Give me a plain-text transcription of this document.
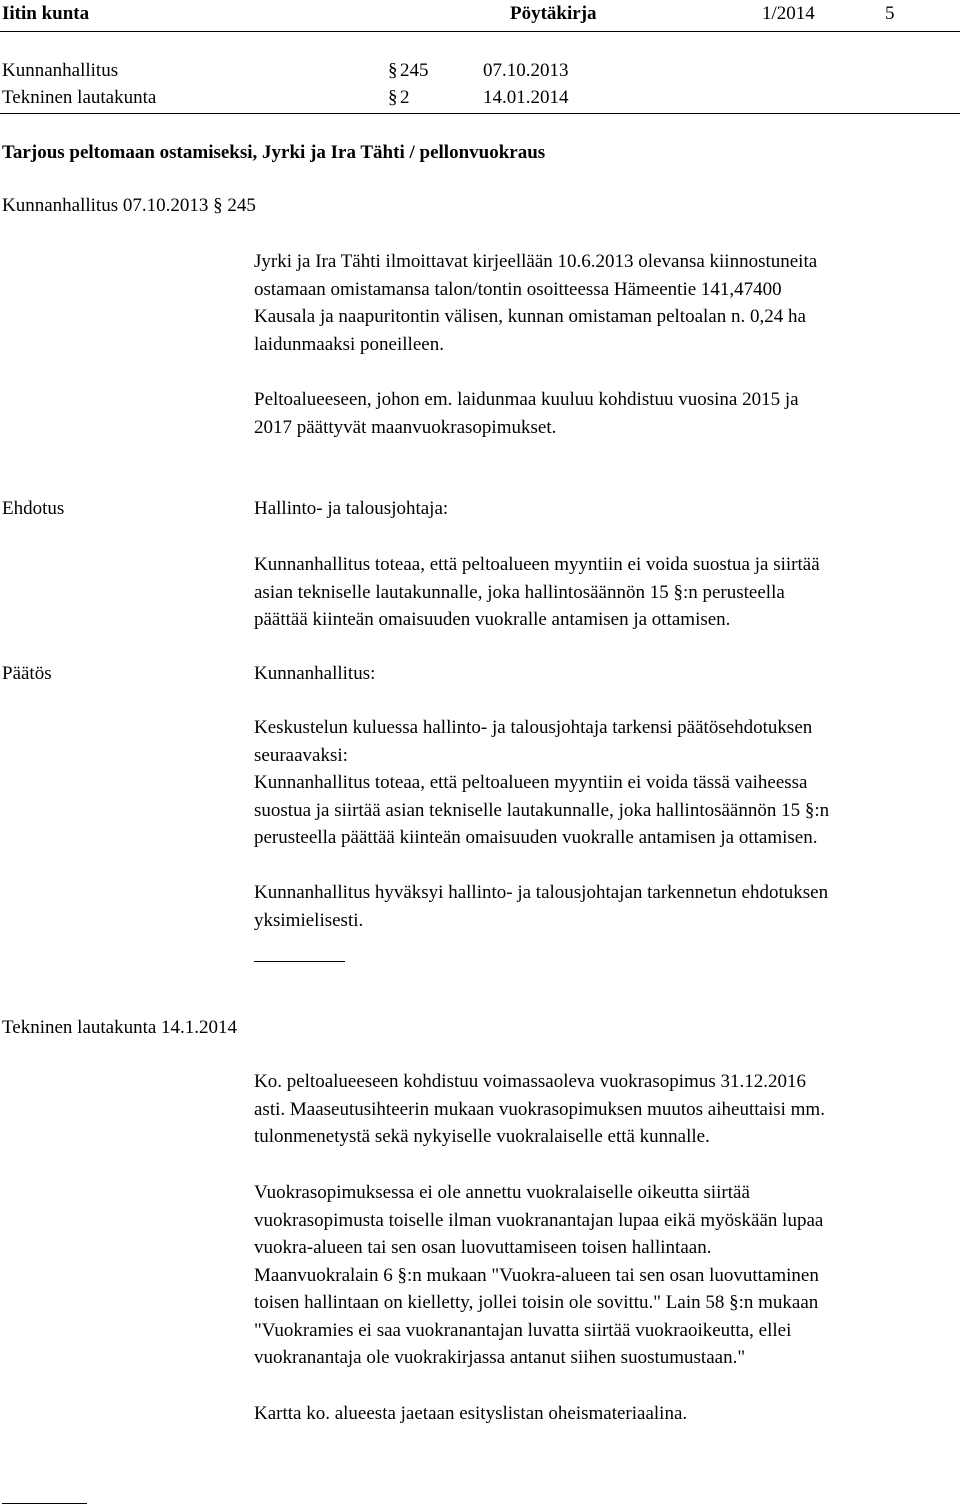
Iitin kunta	Pöytäkirja	1/2014	5
Kunnanhallitus	§ 245	07.10.2013
Tekninen lautakunta	§ 2	14.01.2014
Tarjous peltomaan ostamiseksi, Jyrki ja Ira Tähti / pellonvuokraus
Kunnanhallitus 07.10.2013 § 245
Jyrki ja Ira Tähti ilmoittavat kirjeellään 10.6.2013 olevansa kiinnostuneita
ostamaan omistamansa talon/tontin osoitteessa Hämeentie 141,47400
Kausala ja naapuritontin välisen, kunnan omistaman peltoalan n. 0,24 ha
laidunmaaksi poneilleen.
Peltoalueeseen, johon em. laidunmaa kuuluu kohdistuu vuosina 2015 ja
2017 päättyvät maanvuokrasopimukset.
Ehdotus	Hallinto- ja talousjohtaja:
Kunnanhallitus toteaa, että peltoalueen myyntiin ei voida suostua ja siirtää
asian tekniselle lautakunnalle, joka hallintosäännön 15 §:n perusteella
päättää kiinteän omaisuuden vuokralle antamisen ja ottamisen.
Päätös	Kunnanhallitus:
Keskustelun kuluessa hallinto- ja talousjohtaja tarkensi päätösehdotuksen
seuraavaksi:
Kunnanhallitus toteaa, että peltoalueen myyntiin ei voida tässä vaiheessa
suostua ja siirtää asian tekniselle lautakunnalle, joka hallintosäännön 15 §:n
perusteella päättää kiinteän omaisuuden vuokralle antamisen ja ottamisen.
Kunnanhallitus hyväksyi hallinto- ja talousjohtajan tarkennetun ehdotuksen
yksimielisesti.
Tekninen lautakunta 14.1.2014
Ko. peltoalueeseen kohdistuu voimassaoleva vuokrasopimus 31.12.2016
asti. Maaseutusihteerin mukaan vuokrasopimuksen muutos aiheuttaisi mm.
tulonmenetystä sekä nykyiselle vuokralaiselle että kunnalle.
Vuokrasopimuksessa ei ole annettu vuokralaiselle oikeutta siirtää
vuokrasopimusta toiselle ilman vuokranantajan lupaa eikä myöskään lupaa
vuokra-alueen tai sen osan luovuttamiseen toisen hallintaan.
Maanvuokralain 6 §:n mukaan "Vuokra-alueen tai sen osan luovuttaminen
toisen hallintaan on kielletty, jollei toisin ole sovittu." Lain 58 §:n mukaan
"Vuokramies ei saa vuokranantajan luvatta siirtää vuokraoikeutta, ellei
vuokranantaja ole vuokrakirjassa antanut siihen suostumustaan."
Kartta ko. alueesta jaetaan esityslistan oheismateriaalina.
